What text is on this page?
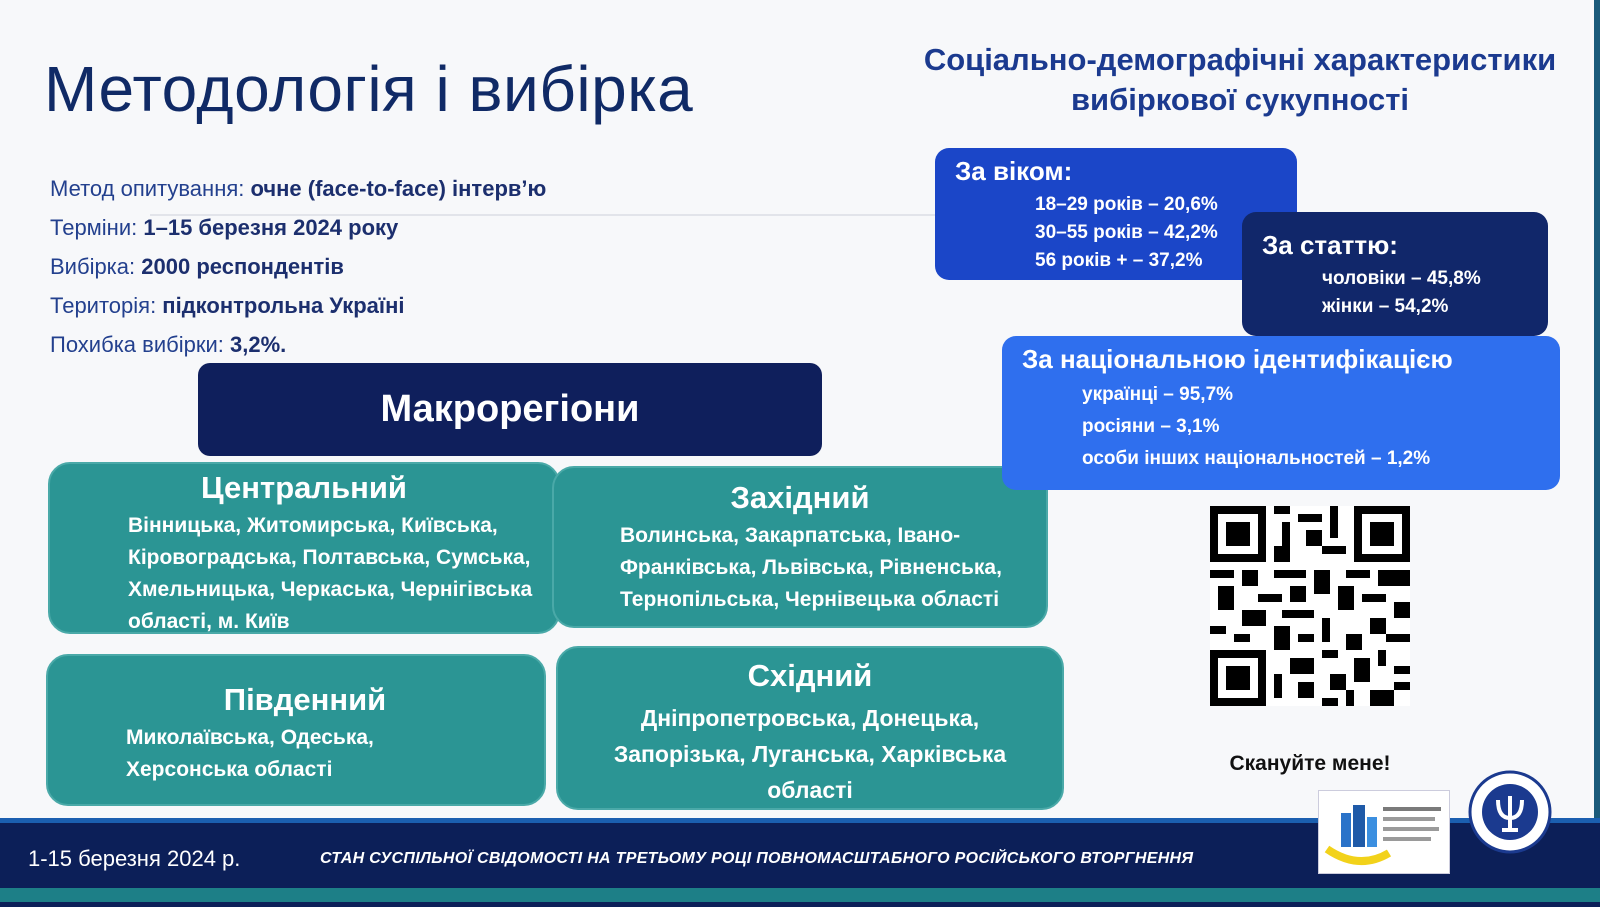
Методологія і вибірка
Метод опитування: очне (face-to-face) інтерв’ю
Терміни: 1–15 березня 2024 року
Вибірка: 2000 респондентів
Територія: підконтрольна Україні
Похибка вибірки: 3,2%.
Макрорегіони
Центральний

Вінницька, Житомирська, Київська, Кіровоградська, Полтавська, Сумська, Хмельницька, Черкаська, Чернігівська області, м. Київ

Західний

Волинська, Закарпатська, Івано-Франківська, Львівська, Рівненська, Тернопільська, Чернівецька області

Південний

Миколаївська, Одеська, Херсонська області

Східний

Дніпропетровська, Донецька, Запорізька, Луганська, Харківська області

Соціально-демографічні характеристики
вибіркової сукупності
За віком:
18–29 років – 20,6%
30–55 років – 42,2%
56 років + – 37,2%
За статтю:
чоловіки – 45,8%
жінки – 54,2%
За національною ідентифікацією
українці – 95,7%
росіяни – 3,1%
особи інших національностей – 1,2%
Скануйте мене!
1-15 березня 2024 р.	СТАН СУСПІЛЬНОЇ СВІДОМОСТІ НА ТРЕТЬОМУ РОЦІ ПОВНОМАСШТАБНОГО РОСІЙСЬКОГО ВТОРГНЕННЯ
